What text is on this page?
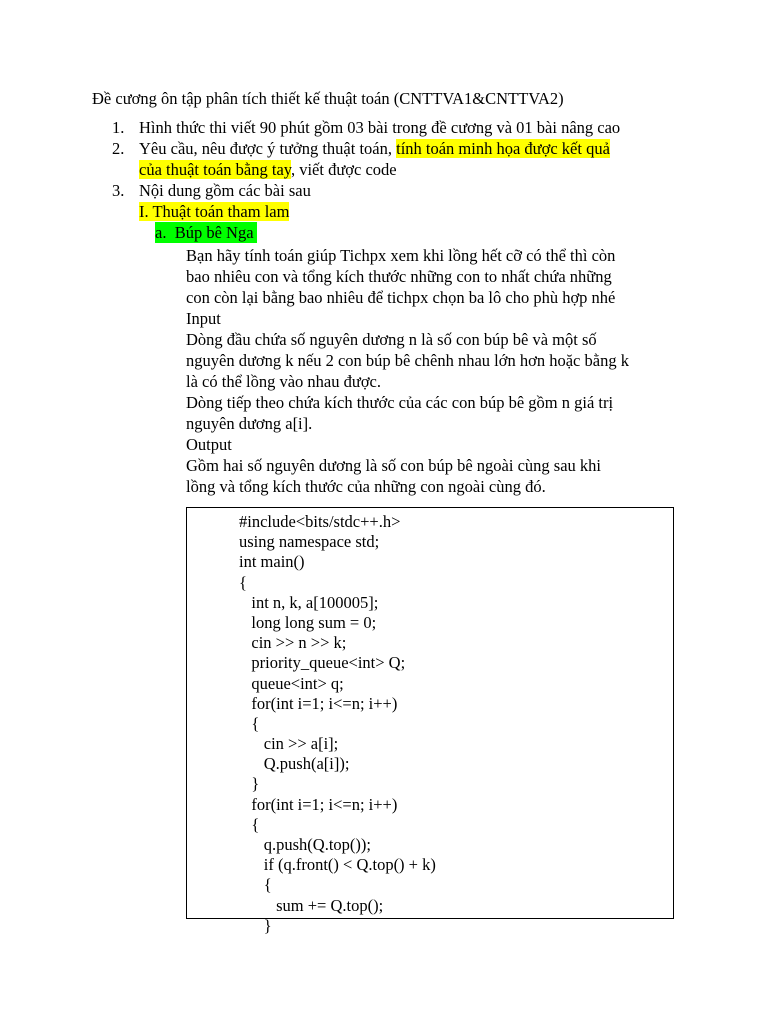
Đề cương ôn tập phân tích thiết kế thuật toán (CNTTVA1&CNTTVA2)
1. Hình thức thi viết 90 phút gồm 03 bài trong đề cương và 01 bài nâng cao
2. Yêu cầu, nêu được ý tưởng thuật toán, tính toán minh họa được kết quả
của thuật toán bằng tay, viết được code
3. Nội dung gồm các bài sau
I. Thuật toán tham lam
a. Búp bê Nga
Bạn hãy tính toán giúp Tichpx xem khi lồng hết cỡ có thể thì còn
bao nhiêu con và tổng kích thước những con to nhất chứa những
con còn lại bằng bao nhiêu để tichpx chọn ba lô cho phù hợp nhé
Input
Dòng đầu chứa số nguyên dương n là số con búp bê và một số
nguyên dương k nếu 2 con búp bê chênh nhau lớn hơn hoặc bằng k
là có thể lồng vào nhau được.
Dòng tiếp theo chứa kích thước của các con búp bê gồm n giá trị
nguyên dương a[i].
Output
Gồm hai số nguyên dương là số con búp bê ngoài cùng sau khi
lồng và tổng kích thước của những con ngoài cùng đó.
#include<bits/stdc++.h>
using namespace std;
int main()
{
int n, k, a[100005];
long long sum = 0;
cin >> n >> k;
priority_queue<int> Q;
queue<int> q;
for(int i=1; i<=n; i++)
{
cin >> a[i];
Q.push(a[i]);
}
for(int i=1; i<=n; i++)
{
q.push(Q.top());
if (q.front() < Q.top() + k)
{
sum += Q.top();
}
